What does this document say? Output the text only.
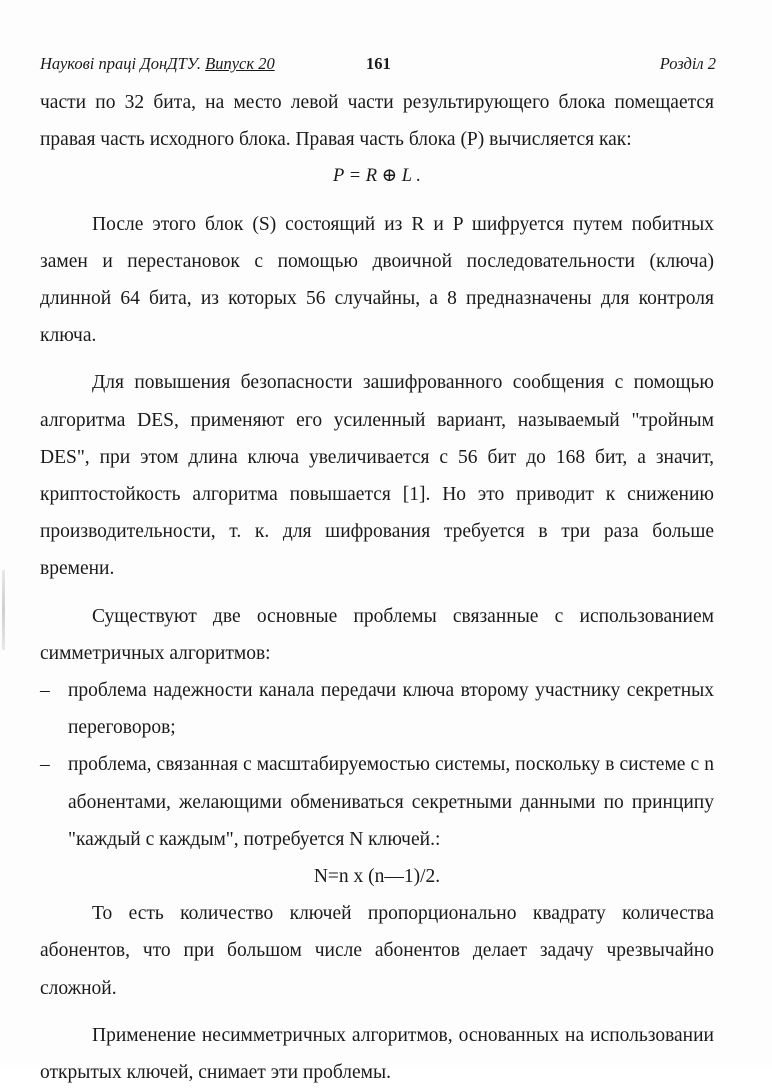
Наукові праці ДонДТУ. Випуск 20	161	Розділ 2

части по 32 бита, на место левой части результирующего блока помещается правая часть исходного блока. Правая часть блока (P) вычисляется как:

P = R ⊕ L .

После этого блок (S) состоящий из R и P шифруется путем побитных замен и перестановок с помощью двоичной последовательности (ключа) длинной 64 бита, из которых 56 случайны, а 8 предназначены для контроля ключа.

Для повышения безопасности зашифрованного сообщения с помощью алгоритма DES, применяют его усиленный вариант, называемый "тройным DES", при этом длина ключа увеличивается с 56 бит до 168 бит, а значит, криптостойкость алгоритма повышается [1]. Но это приводит к снижению производительности, т. к. для шифрования требуется в три раза больше времени.

Существуют две основные проблемы связанные с использованием симметричных алгоритмов:

– проблема надежности канала передачи ключа второму участнику секретных переговоров;
– проблема, связанная с масштабируемостью системы, поскольку в системе с n абонентами, желающими обмениваться секретными данными по принципу "каждый с каждым", потребуется N ключей.:

N=n x (n—1)/2.

То есть количество ключей пропорционально квадрату количества абонентов, что при большом числе абонентов делает задачу чрезвычайно сложной.

Применение несимметричных алгоритмов, основанных на использовании открытых ключей, снимает эти проблемы.
